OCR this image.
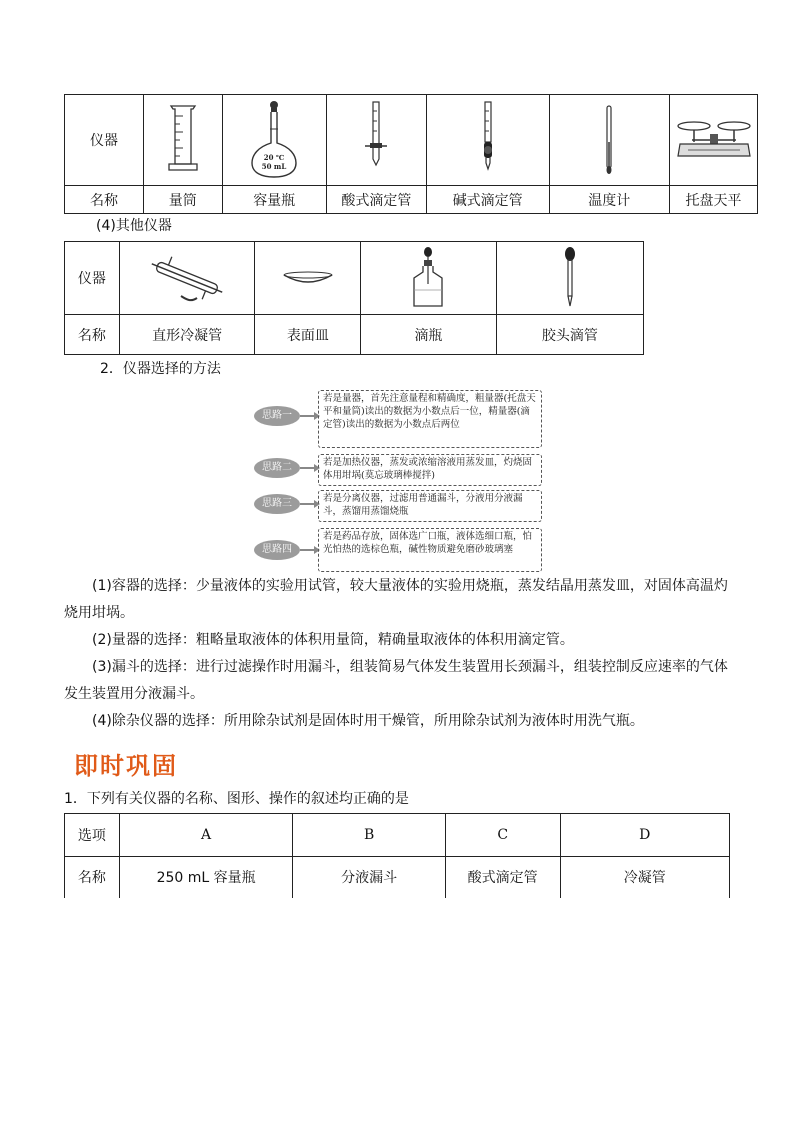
仪器		20 ℃
50 mL

名称	量筒	容量瓶	酸式滴定管	碱式滴定管	温度计	托盘天平
(4)其他仪器
仪器	

名称	直形冷凝管	表面皿	滴瓶	胶头滴管
2．仪器选择的方法
思路一
若是量器，首先注意量程和精确度，粗量器(托盘天平和量筒)读出的数据为小数点后一位，精量器(滴定管)读出的数据为小数点后两位
思路二	若是加热仪器，蒸发或浓缩溶液用蒸发皿，灼烧固体用坩埚(莫忘玻璃棒搅拌)
思路三	若是分离仪器，过滤用普通漏斗，分液用分液漏斗，蒸馏用蒸馏烧瓶
思路四
若是药品存放，固体选广口瓶，液体选细口瓶，怕光怕热的选棕色瓶，碱性物质避免磨砂玻璃塞
(1)容器的选择：少量液体的实验用试管，较大量液体的实验用烧瓶，蒸发结晶用蒸发皿，对固体高温灼烧用坩埚。
(2)量器的选择：粗略量取液体的体积用量筒，精确量取液体的体积用滴定管。
(3)漏斗的选择：进行过滤操作时用漏斗，组装简易气体发生装置用长颈漏斗，组装控制反应速率的气体发生装置用分液漏斗。
(4)除杂仪器的选择：所用除杂试剂是固体时用干燥管，所用除杂试剂为液体时用洗气瓶。
即时巩固
1．下列有关仪器的名称、图形、操作的叙述均正确的是
选项	A	B	C	D
名称	250 mL 容量瓶	分液漏斗	酸式滴定管	冷凝管
